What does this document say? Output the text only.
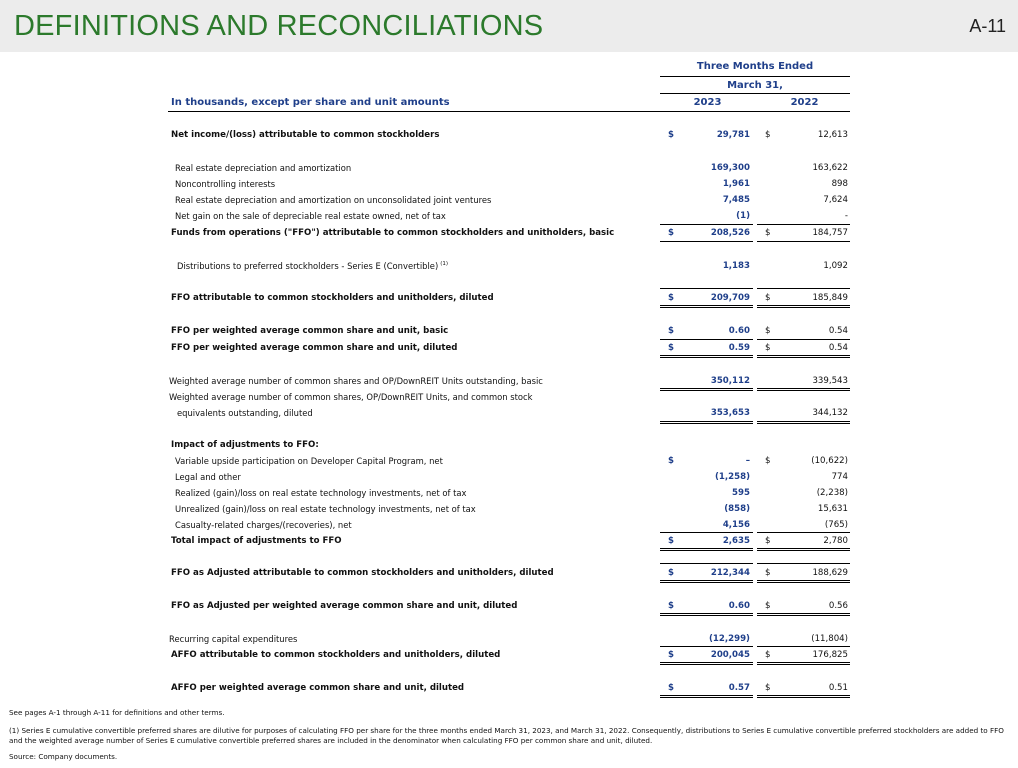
DEFINITIONS AND RECONCILIATIONS	A-11
Three Months Ended
March 31,
In thousands, except per share and unit amounts	2023	2022
Net income/(loss) attributable to common stockholders	$	29,781 $	12,613
Real estate depreciation and amortization	169,300	163,622
Noncontrolling interests	1,961	898
Real estate depreciation and amortization on unconsolidated joint ventures	7,485	7,624
Net gain on the sale of depreciable real estate owned, net of tax	(1)	-
Funds from operations ("FFO") attributable to common stockholders and unitholders, basic	$	208,526 $	184,757
Distributions to preferred stockholders - Series E (Convertible) $^{(1)}$	1,183	1,092
FFO attributable to common stockholders and unitholders, diluted	$	209,709 $	185,849
FFO per weighted average common share and unit, basic	$	0.60 $	0.54
FFO per weighted average common share and unit, diluted	$	0.59 $	0.54
Weighted average number of common shares and OP/DownREIT Units outstanding, basic	350,112	339,543
Weighted average number of common shares, OP/DownREIT Units, and common stock
equivalents outstanding, diluted	353,653	344,132
Impact of adjustments to FFO:
Variable upside participation on Developer Capital Program, net	$	– $	(10,622)
Legal and other	(1,258)	774
Realized (gain)/loss on real estate technology investments, net of tax	595	(2,238)
Unrealized (gain)/loss on real estate technology investments, net of tax	(858)	15,631
Casualty-related charges/(recoveries), net	4,156	(765)
Total impact of adjustments to FFO	$	2,635 $	2,780
FFO as Adjusted attributable to common stockholders and unitholders, diluted	$	212,344 $	188,629
FFO as Adjusted per weighted average common share and unit, diluted	$	0.60 $	0.56
Recurring capital expenditures	(12,299)	(11,804)
AFFO attributable to common stockholders and unitholders, diluted	$	200,045 $	176,825
AFFO per weighted average common share and unit, diluted	$	0.57 $	0.51
See pages A-1 through A-11 for definitions and other terms.
(1) Series E cumulative convertible preferred shares are dilutive for purposes of calculating FFO per share for the three months ended March 31, 2023, and March 31, 2022. Consequently, distributions to Series E cumulative convertible preferred stockholders are added to FFO and the weighted average number of Series E cumulative convertible preferred shares are included in the denominator when calculating FFO per common share and unit, diluted.
Source: Company documents.
